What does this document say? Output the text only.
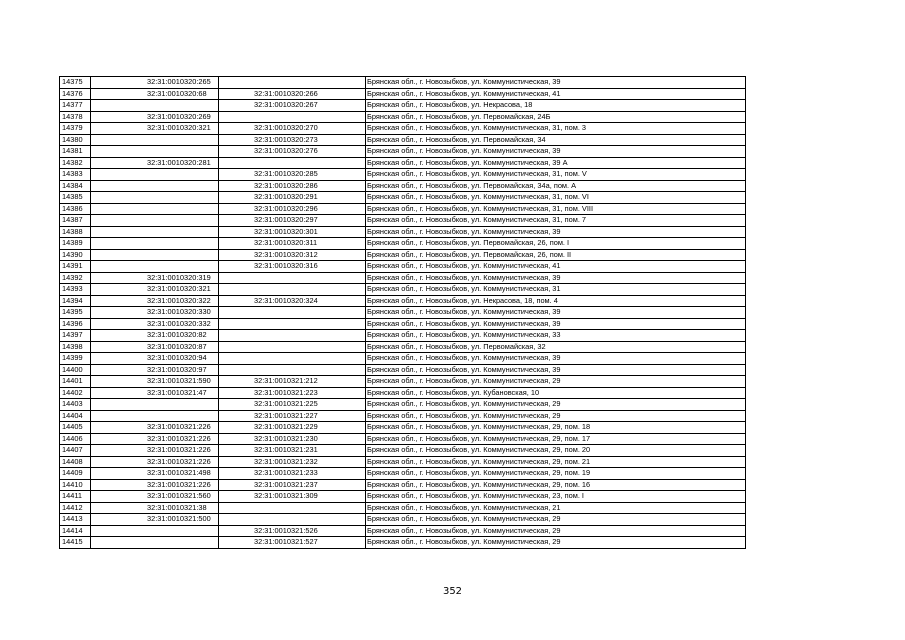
14375	32:31:0010320:265		Брянская обл., г. Новозыбков, ул. Коммунистическая, 39
14376	32:31:0010320:68	32:31:0010320:266	Брянская обл., г. Новозыбков, ул. Коммунистическая, 41
14377		32:31:0010320:267	Брянская обл., г. Новозыбков, ул. Некрасова, 18
14378	32:31:0010320:269		Брянская обл., г. Новозыбков, ул. Первомайская, 24Б
14379	32:31:0010320:321	32:31:0010320:270	Брянская обл., г. Новозыбков, ул. Коммунистическая, 31, пом. 3
14380		32:31:0010320:273	Брянская обл., г. Новозыбков, ул. Первомайская, 34
14381		32:31:0010320:276	Брянская обл., г. Новозыбков, ул. Коммунистическая, 39
14382	32:31:0010320:281		Брянская обл., г. Новозыбков, ул. Коммунистическая, 39 А
14383		32:31:0010320:285	Брянская обл., г. Новозыбков, ул. Коммунистическая, 31, пом. V
14384		32:31:0010320:286	Брянская обл., г. Новозыбков, ул. Первомайская, 34а, пом. А
14385		32:31:0010320:291	Брянская обл., г. Новозыбков, ул. Коммунистическая, 31, пом. VI
14386		32:31:0010320:296	Брянская обл., г. Новозыбков, ул. Коммунистическая, 31, пом. VIII
14387		32:31:0010320:297	Брянская обл., г. Новозыбков, ул. Коммунистическая, 31, пом. 7
14388		32:31:0010320:301	Брянская обл., г. Новозыбков, ул. Коммунистическая, 39
14389		32:31:0010320:311	Брянская обл., г. Новозыбков, ул. Первомайская, 26, пом. I
14390		32:31:0010320:312	Брянская обл., г. Новозыбков, ул. Первомайская, 26, пом. II
14391		32:31:0010320:316	Брянская обл., г. Новозыбков, ул. Коммунистическая, 41
14392	32:31:0010320:319		Брянская обл., г. Новозыбков, ул. Коммунистическая, 39
14393	32:31:0010320:321		Брянская обл., г. Новозыбков, ул. Коммунистическая, 31
14394	32:31:0010320:322	32:31:0010320:324	Брянская обл., г. Новозыбков, ул. Некрасова, 18, пом. 4
14395	32:31:0010320:330		Брянская обл., г. Новозыбков, ул. Коммунистическая, 39
14396	32:31:0010320:332		Брянская обл., г. Новозыбков, ул. Коммунистическая, 39
14397	32:31:0010320:82		Брянская обл., г. Новозыбков, ул. Коммунистическая, 33
14398	32:31:0010320:87		Брянская обл., г. Новозыбков, ул. Первомайская, 32
14399	32:31:0010320:94		Брянская обл., г. Новозыбков, ул. Коммунистическая, 39
14400	32:31:0010320:97		Брянская обл., г. Новозыбков, ул. Коммунистическая, 39
14401	32:31:0010321:590	32:31:0010321:212	Брянская обл., г. Новозыбков, ул. Коммунистическая, 29
14402	32:31:0010321:47	32:31:0010321:223	Брянская обл., г. Новозыбков, ул. Кубановская, 10
14403		32:31:0010321:225	Брянская обл., г. Новозыбков, ул. Коммунистическая, 29
14404		32:31:0010321:227	Брянская обл., г. Новозыбков, ул. Коммунистическая, 29
14405	32:31:0010321:226	32:31:0010321:229	Брянская обл., г. Новозыбков, ул. Коммунистическая, 29, пом. 18
14406	32:31:0010321:226	32:31:0010321:230	Брянская обл., г. Новозыбков, ул. Коммунистическая, 29, пом. 17
14407	32:31:0010321:226	32:31:0010321:231	Брянская обл., г. Новозыбков, ул. Коммунистическая, 29, пом. 20
14408	32:31:0010321:226	32:31:0010321:232	Брянская обл., г. Новозыбков, ул. Коммунистическая, 29, пом. 21
14409	32:31:0010321:498	32:31:0010321:233	Брянская обл., г. Новозыбков, ул. Коммунистическая, 29, пом. 19
14410	32:31:0010321:226	32:31:0010321:237	Брянская обл., г. Новозыбков, ул. Коммунистическая, 29, пом. 16
14411	32:31:0010321:560	32:31:0010321:309	Брянская обл., г. Новозыбков, ул. Коммунистическая, 23, пом. I
14412	32:31:0010321:38		Брянская обл., г. Новозыбков, ул. Коммунистическая, 21
14413	32:31:0010321:500		Брянская обл., г. Новозыбков, ул. Коммунистическая, 29
14414		32:31:0010321:526	Брянская обл., г. Новозыбков, ул. Коммунистическая, 29
14415		32:31:0010321:527	Брянская обл., г. Новозыбков, ул. Коммунистическая, 29
352
